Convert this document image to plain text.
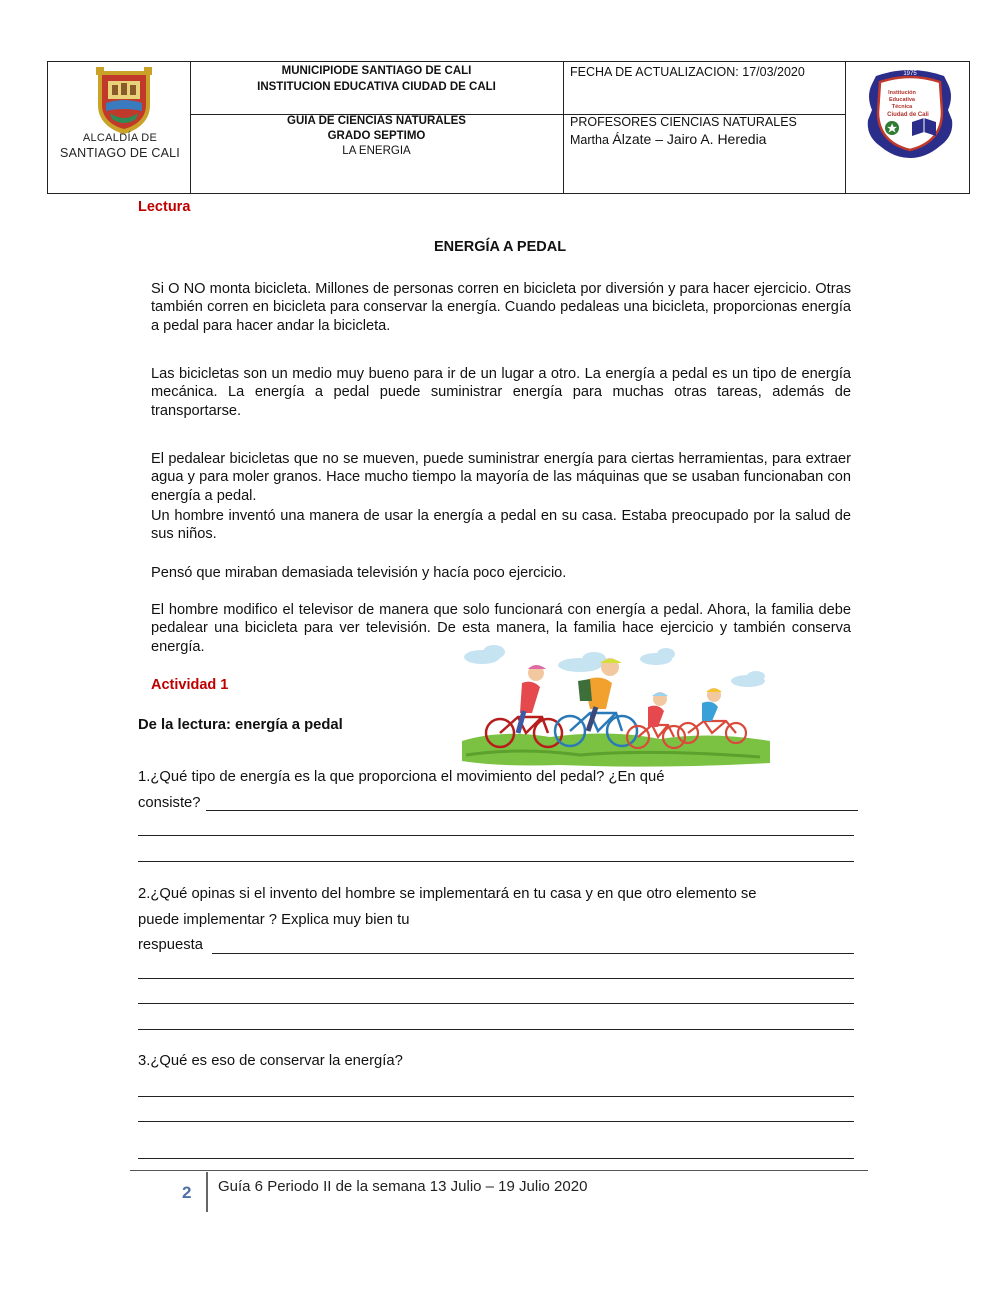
ALCALDÍA DE
SANTIAGO DE CALI
MUNICIPIODE SANTIAGO DE CALI
INSTITUCION EDUCATIVA CIUDAD DE CALI
FECHA DE ACTUALIZACION: 17/03/2020
GUIA DE CIENCIAS NATURALES
GRADO SEPTIMO
LA ENERGIA
PROFESORES CIENCIAS NATURALES
Martha Álzate – Jairo A. Heredia
1975
Institución
Educativa
Técnica
Ciudad de Cali
Lectura
ENERGÍA A PEDAL
Si O NO monta bicicleta. Millones de personas corren en bicicleta por diversión y para hacer ejercicio. Otras también corren en bicicleta para conservar la energía. Cuando pedaleas una bicicleta, proporcionas energía a pedal para hacer andar la bicicleta.
Las bicicletas son un medio muy bueno para ir de un lugar a otro. La energía a pedal es un tipo de energía mecánica. La energía a pedal puede suministrar energía para muchas otras tareas, además de transportarse.
El pedalear bicicletas que no se mueven, puede suministrar energía para ciertas herramientas, para extraer agua y para moler granos. Hace mucho tiempo la mayoría de las máquinas que se usaban funcionaban con energía a pedal.
Un hombre inventó una manera de usar la energía a pedal en su casa. Estaba preocupado por la salud de sus niños.
Pensó que miraban demasiada televisión y hacía poco ejercicio.
El hombre modifico el televisor de manera que solo funcionará con energía a pedal. Ahora, la familia debe pedalear una bicicleta para ver televisión. De esta manera, la familia hace ejercicio y también conserva energía.
Actividad 1
De la lectura: energía a pedal
1.¿Qué tipo de energía es la que proporciona el movimiento del pedal? ¿En qué
consiste?
2.¿Qué opinas si el invento del hombre se implementará en tu casa y en que otro elemento se
puede implementar ? Explica muy bien tu
respuesta
3.¿Qué es eso de conservar la energía?
2 Guía 6 Periodo II de la semana 13 Julio – 19 Julio 2020
